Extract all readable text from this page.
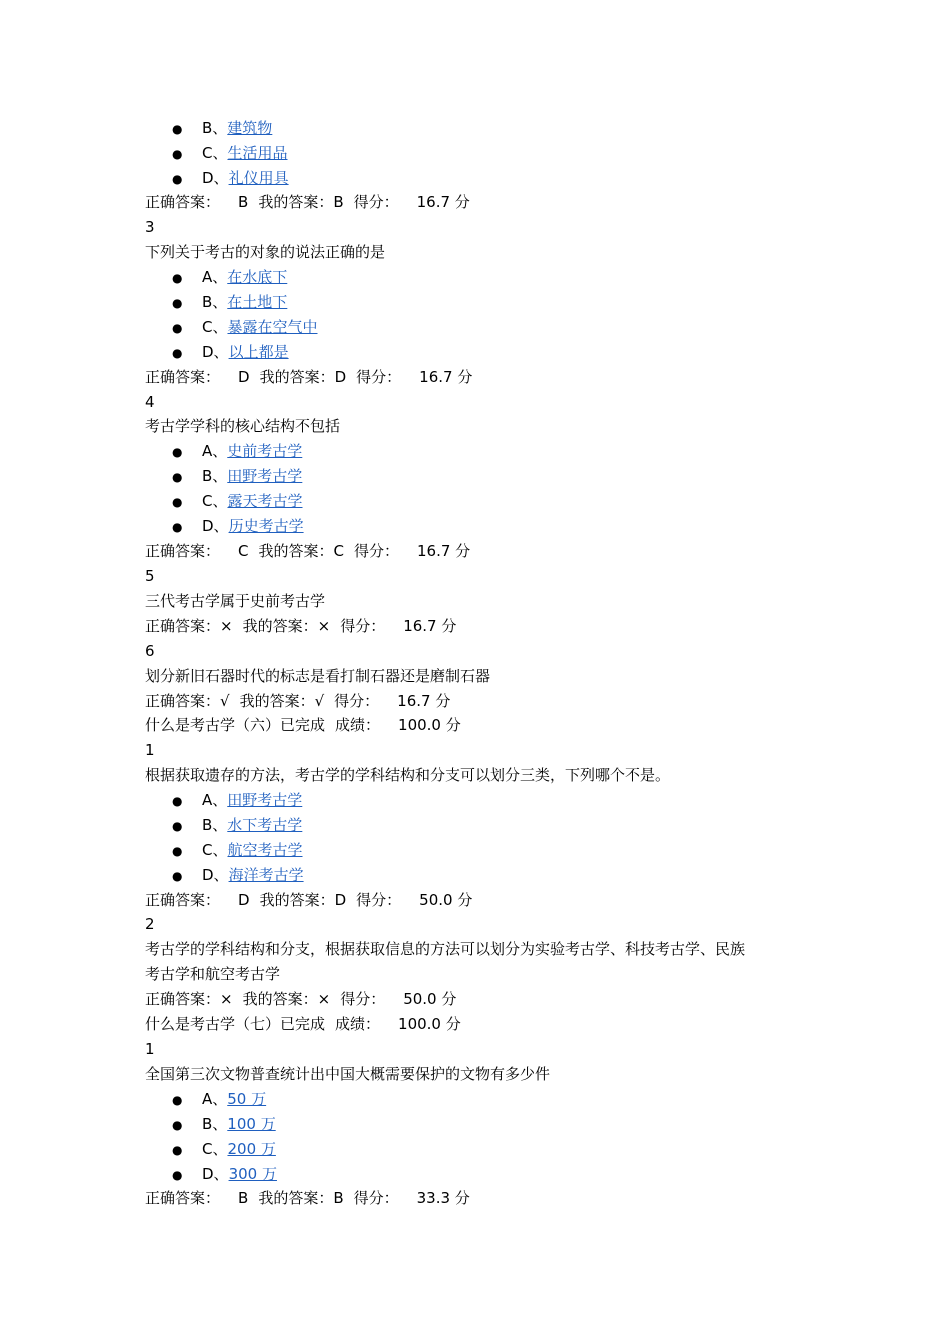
● B、建筑物
● C、生活用品
● D、礼仪用具
正确答案： B 我的答案：B 得分： 16.7 分
3
下列关于考古的对象的说法正确的是
● A、在水底下
● B、在土地下
● C、暴露在空气中
● D、以上都是
正确答案： D 我的答案：D 得分： 16.7 分
4
考古学学科的核心结构不包括
● A、史前考古学
● B、田野考古学
● C、露天考古学
● D、历史考古学
正确答案： C 我的答案：C 得分： 16.7 分
5
三代考古学属于史前考古学
正确答案：× 我的答案：× 得分： 16.7 分
6
划分新旧石器时代的标志是看打制石器还是磨制石器
正确答案：√ 我的答案：√ 得分： 16.7 分
什么是考古学（六）已完成 成绩： 100.0 分
1
根据获取遗存的方法，考古学的学科结构和分支可以划分三类，下列哪个不是。
● A、田野考古学
● B、水下考古学
● C、航空考古学
● D、海洋考古学
正确答案： D 我的答案：D 得分： 50.0 分
2
考古学的学科结构和分支，根据获取信息的方法可以划分为实验考古学、科技考古学、民族
考古学和航空考古学
正确答案：× 我的答案：× 得分： 50.0 分
什么是考古学（七）已完成 成绩： 100.0 分
1
全国第三次文物普查统计出中国大概需要保护的文物有多少件
● A、50 万
● B、100 万
● C、200 万
● D、300 万
正确答案： B 我的答案：B 得分： 33.3 分
